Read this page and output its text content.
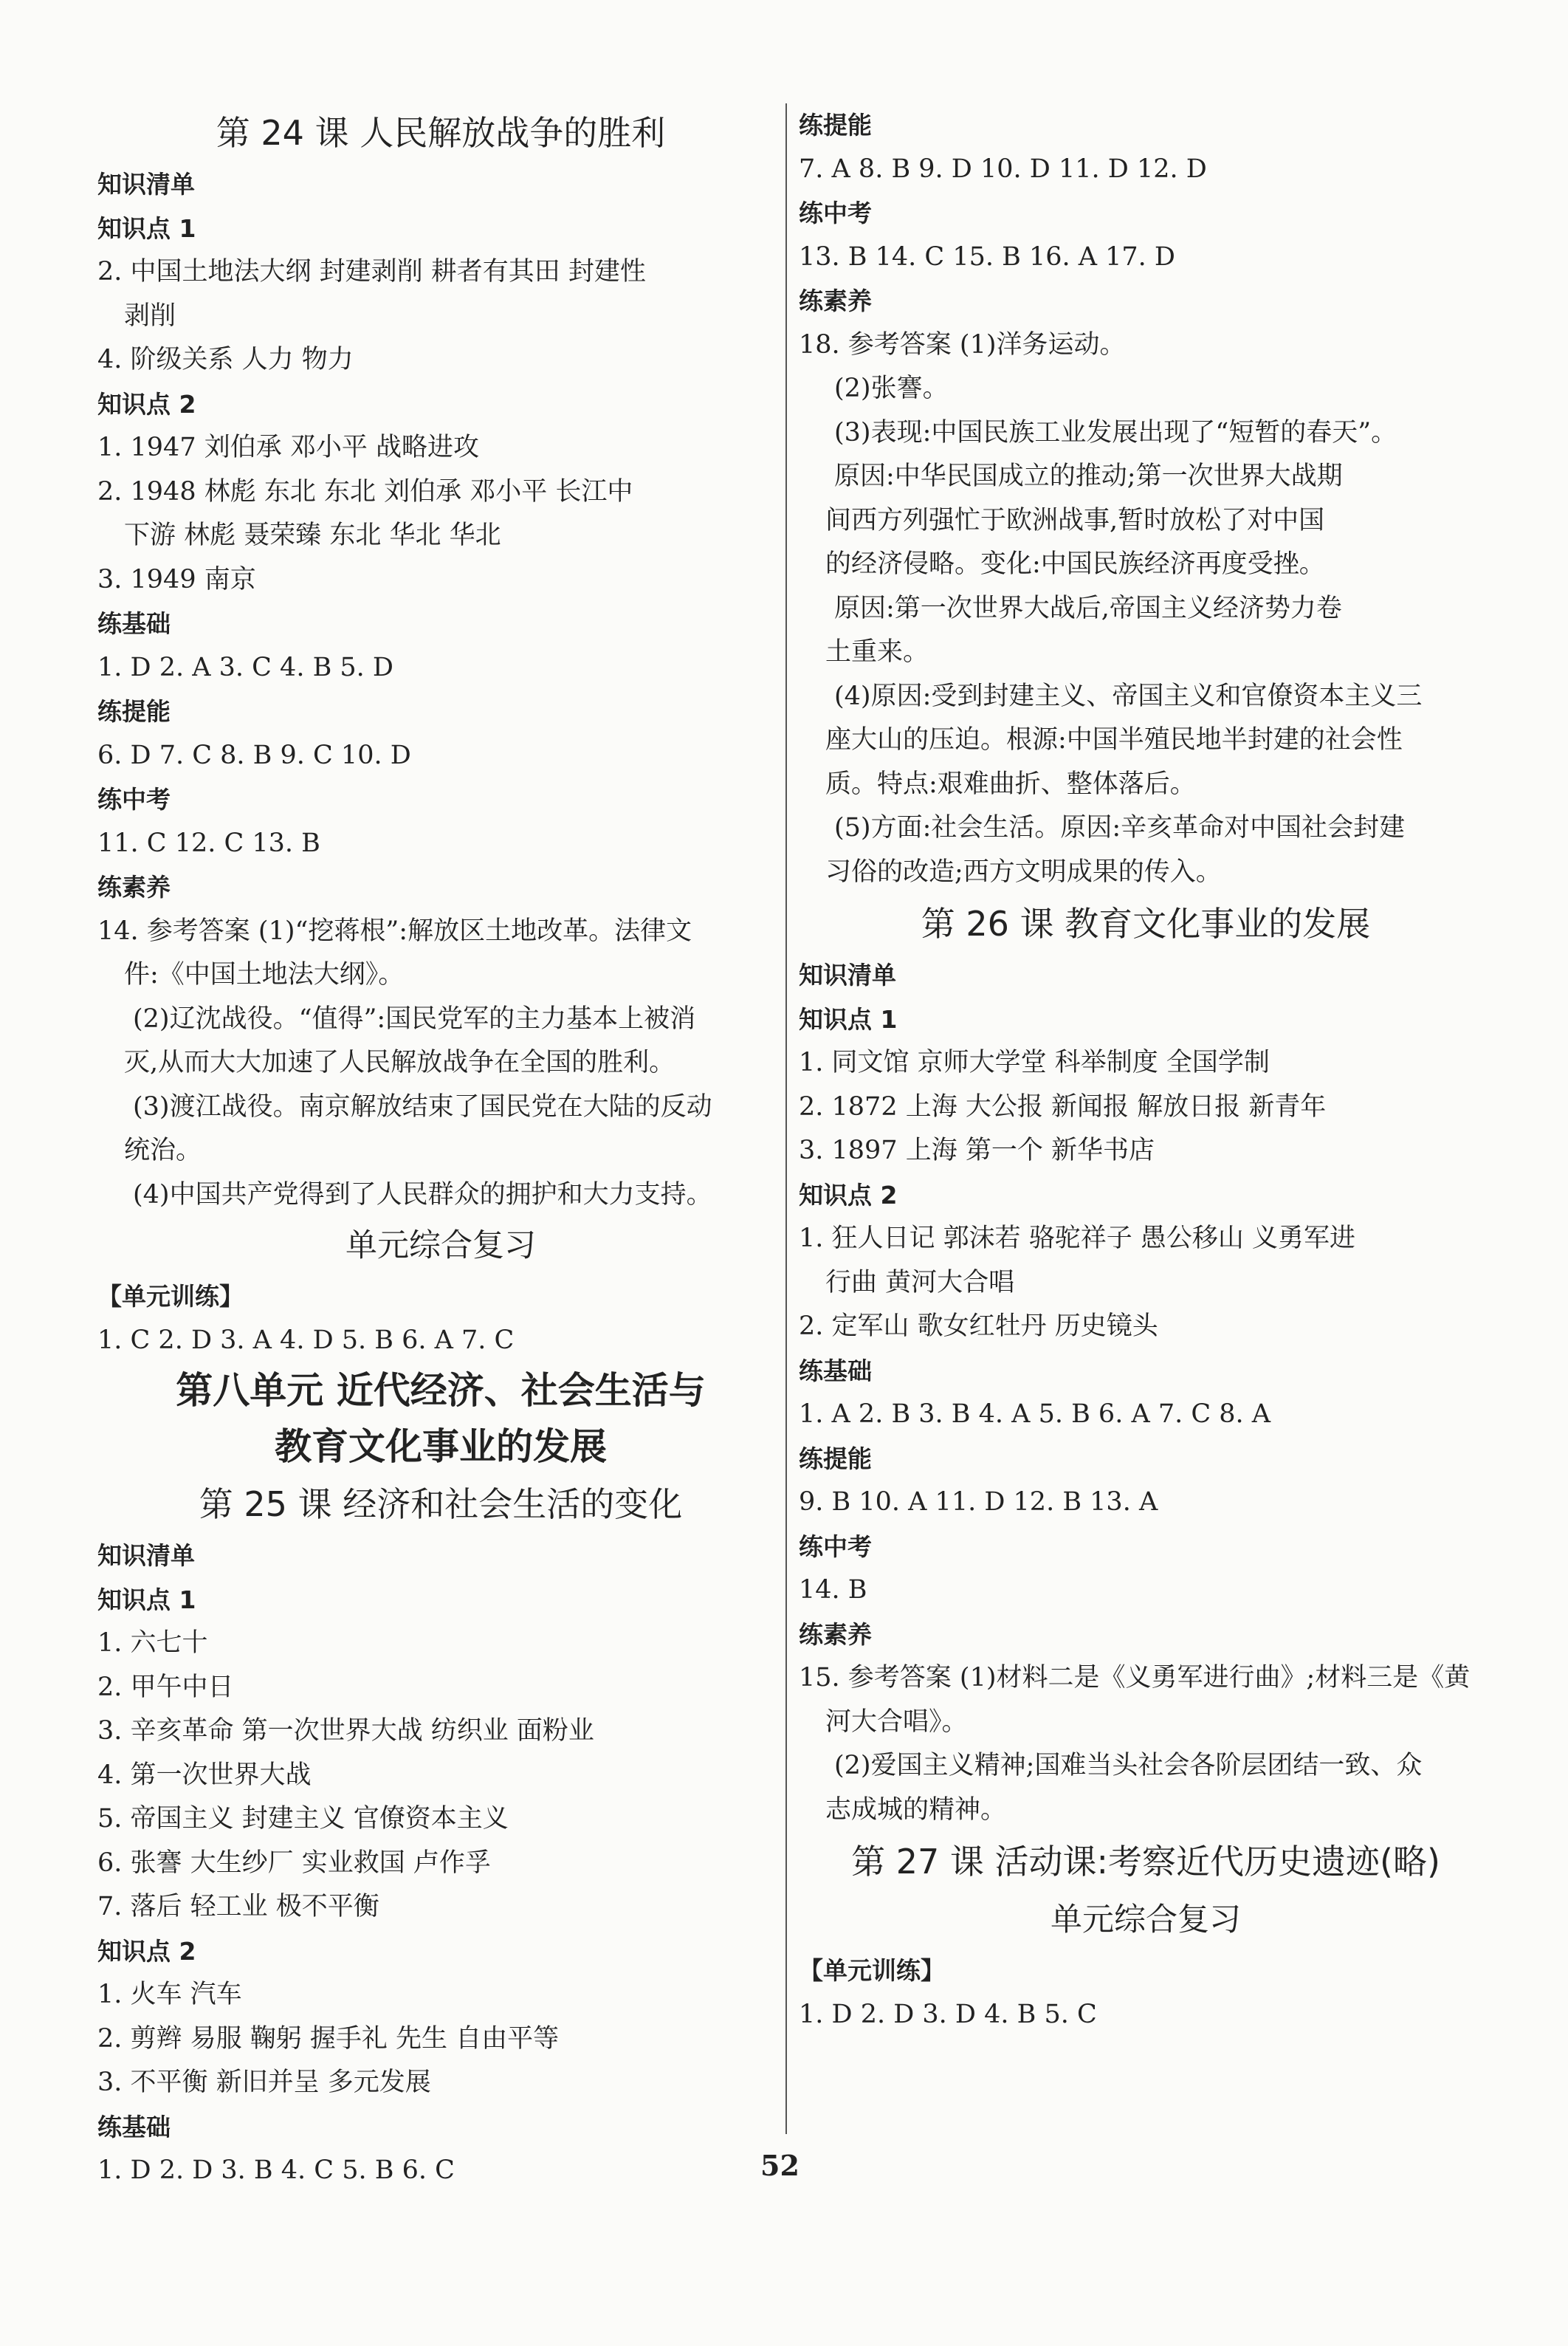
第 24 课 人民解放战争的胜利
知识清单
知识点 1
2. 中国土地法大纲 封建剥削 耕者有其田 封建性
剥削
4. 阶级关系 人力 物力
知识点 2
1. 1947 刘伯承 邓小平 战略进攻
2. 1948 林彪 东北 东北 刘伯承 邓小平 长江中
下游 林彪 聂荣臻 东北 华北 华北
3. 1949 南京
练基础
1. D 2. A 3. C 4. B 5. D
练提能
6. D 7. C 8. B 9. C 10. D
练中考
11. C 12. C 13. B
练素养
14. 参考答案 (1)“挖蒋根”:解放区土地改革。法律文
件:《中国土地法大纲》。
(2)辽沈战役。“值得”:国民党军的主力基本上被消
灭,从而大大加速了人民解放战争在全国的胜利。
(3)渡江战役。南京解放结束了国民党在大陆的反动
统治。
(4)中国共产党得到了人民群众的拥护和大力支持。
单元综合复习
【单元训练】
1. C 2. D 3. A 4. D 5. B 6. A 7. C
第八单元 近代经济、社会生活与
教育文化事业的发展
第 25 课 经济和社会生活的变化
知识清单
知识点 1
1. 六七十
2. 甲午中日
3. 辛亥革命 第一次世界大战 纺织业 面粉业
4. 第一次世界大战
5. 帝国主义 封建主义 官僚资本主义
6. 张謇 大生纱厂 实业救国 卢作孚
7. 落后 轻工业 极不平衡
知识点 2
1. 火车 汽车
2. 剪辫 易服 鞠躬 握手礼 先生 自由平等
3. 不平衡 新旧并呈 多元发展
练基础
1. D 2. D 3. B 4. C 5. B 6. C
练提能
7. A 8. B 9. D 10. D 11. D 12. D
练中考
13. B 14. C 15. B 16. A 17. D
练素养
18. 参考答案 (1)洋务运动。
(2)张謇。
(3)表现:中国民族工业发展出现了“短暂的春天”。
原因:中华民国成立的推动;第一次世界大战期
间西方列强忙于欧洲战事,暂时放松了对中国
的经济侵略。变化:中国民族经济再度受挫。
原因:第一次世界大战后,帝国主义经济势力卷
土重来。
(4)原因:受到封建主义、帝国主义和官僚资本主义三
座大山的压迫。根源:中国半殖民地半封建的社会性
质。特点:艰难曲折、整体落后。
(5)方面:社会生活。原因:辛亥革命对中国社会封建
习俗的改造;西方文明成果的传入。
第 26 课 教育文化事业的发展
知识清单
知识点 1
1. 同文馆 京师大学堂 科举制度 全国学制
2. 1872 上海 大公报 新闻报 解放日报 新青年
3. 1897 上海 第一个 新华书店
知识点 2
1. 狂人日记 郭沫若 骆驼祥子 愚公移山 义勇军进
行曲 黄河大合唱
2. 定军山 歌女红牡丹 历史镜头
练基础
1. A 2. B 3. B 4. A 5. B 6. A 7. C 8. A
练提能
9. B 10. A 11. D 12. B 13. A
练中考
14. B
练素养
15. 参考答案 (1)材料二是《义勇军进行曲》;材料三是《黄
河大合唱》。
(2)爱国主义精神;国难当头社会各阶层团结一致、众
志成城的精神。
第 27 课 活动课:考察近代历史遗迹(略)
单元综合复习
【单元训练】
1. D 2. D 3. D 4. B 5. C
52
